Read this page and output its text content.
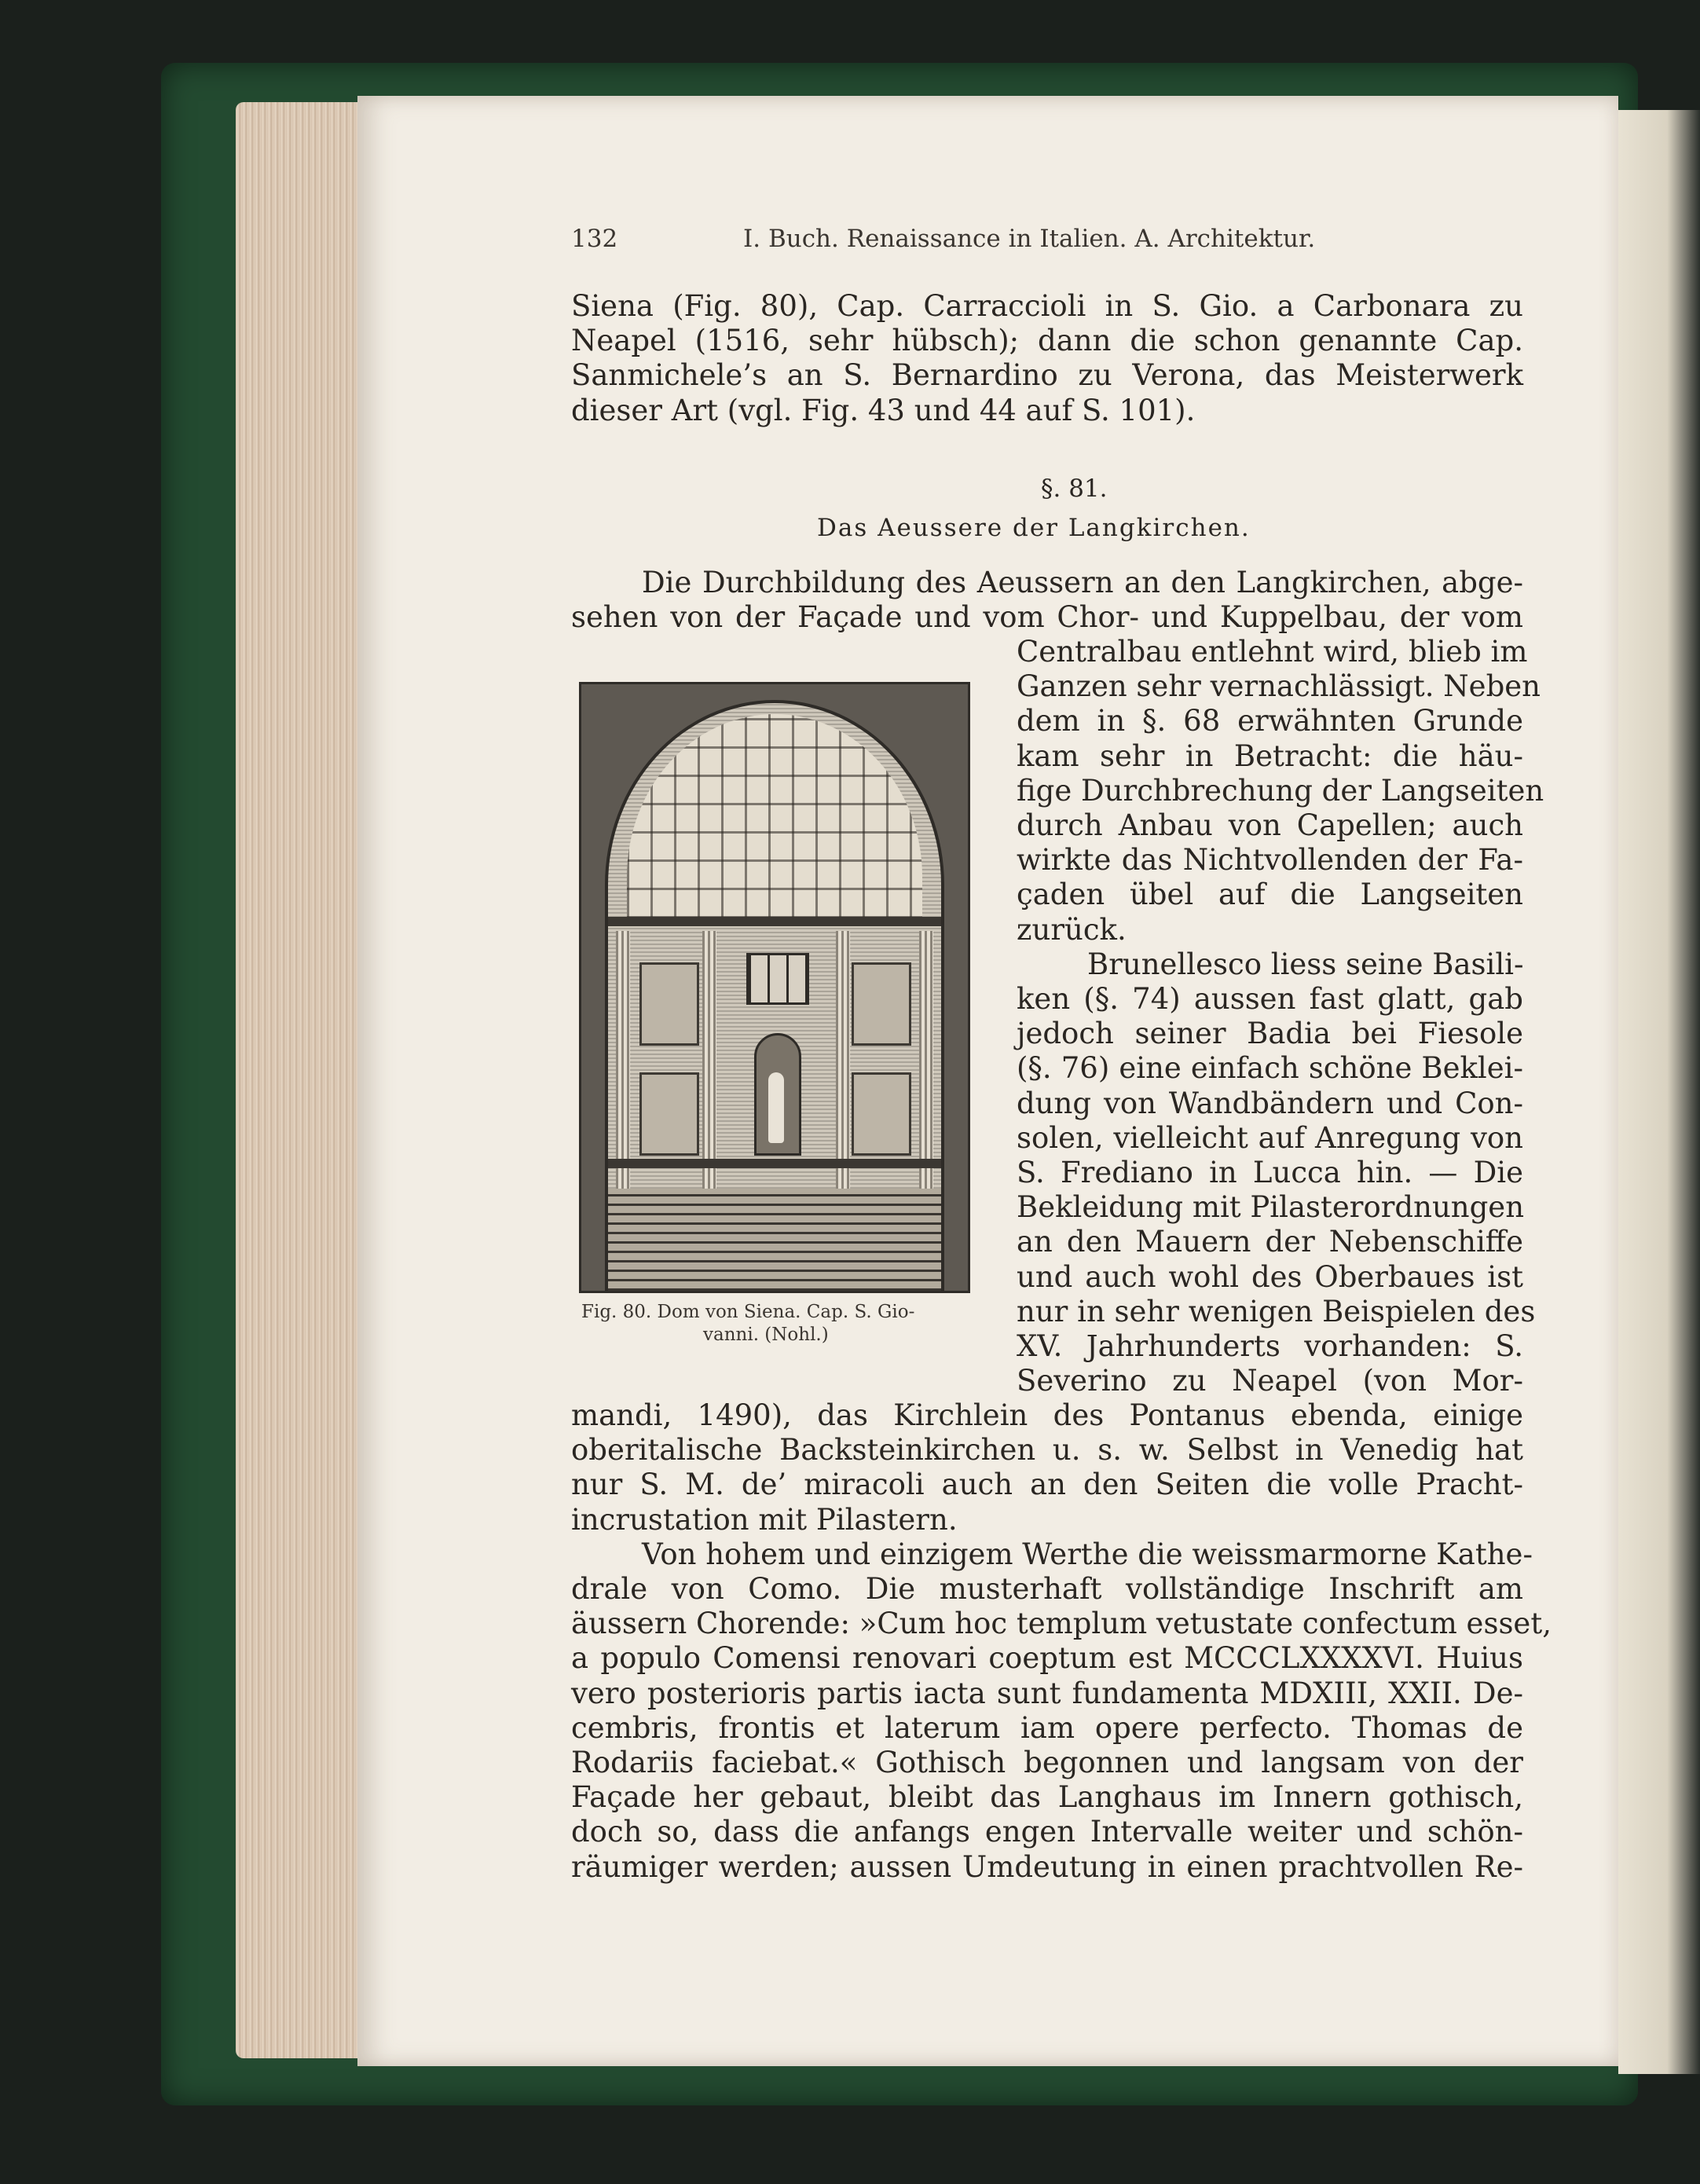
132	I. Buch. Renaissance in Italien. A. Architektur.
Siena (Fig. 80), Cap. Carraccioli in S. Gio. a Carbonara zu
Neapel (1516, sehr hübsch); dann die schon genannte Cap.
Sanmichele’s an S. Bernardino zu Verona, das Meisterwerk
dieser Art (vgl. Fig. 43 und 44 auf S. 101).
§. 81.
Das Aeussere der Langkirchen.
Die Durchbildung des Aeussern an den Langkirchen, abge-
sehen von der Façade und vom Chor- und Kuppelbau, der vom
Centralbau entlehnt wird, blieb im
Ganzen sehr vernachlässigt. Neben
dem in §. 68 erwähnten Grunde
kam sehr in Betracht: die häu-
fige Durchbrechung der Langseiten
durch Anbau von Capellen; auch
wirkte das Nichtvollenden der Fa-
çaden übel auf die Langseiten
zurück.
Brunellesco liess seine Basili-
ken (§. 74) aussen fast glatt, gab
jedoch seiner Badia bei Fiesole
(§. 76) eine einfach schöne Beklei-
dung von Wandbändern und Con-
solen, vielleicht auf Anregung von
S. Frediano in Lucca hin. — Die
Bekleidung mit Pilasterordnungen
an den Mauern der Nebenschiffe
und auch wohl des Oberbaues ist
nur in sehr wenigen Beispielen des
XV. Jahrhunderts vorhanden: S.
Severino zu Neapel (von Mor-
mandi, 1490), das Kirchlein des Pontanus ebenda, einige
oberitalische Backsteinkirchen u. s. w. Selbst in Venedig hat
nur S. M. de’ miracoli auch an den Seiten die volle Pracht-
incrustation mit Pilastern.
Von hohem und einzigem Werthe die weissmarmorne Kathe-
drale von Como. Die musterhaft vollständige Inschrift am
äussern Chorende: »Cum hoc templum vetustate confectum esset,
a populo Comensi renovari coeptum est MCCCLXXXXVI. Huius
vero posterioris partis iacta sunt fundamenta MDXIII, XXII. De-
cembris, frontis et laterum iam opere perfecto. Thomas de
Rodariis faciebat.« Gothisch begonnen und langsam von der
Façade her gebaut, bleibt das Langhaus im Innern gothisch,
doch so, dass die anfangs engen Intervalle weiter und schön-
räumiger werden; aussen Umdeutung in einen prachtvollen Re-
Fig. 80. Dom von Siena. Cap. S. Gio-
vanni. (Nohl.)
